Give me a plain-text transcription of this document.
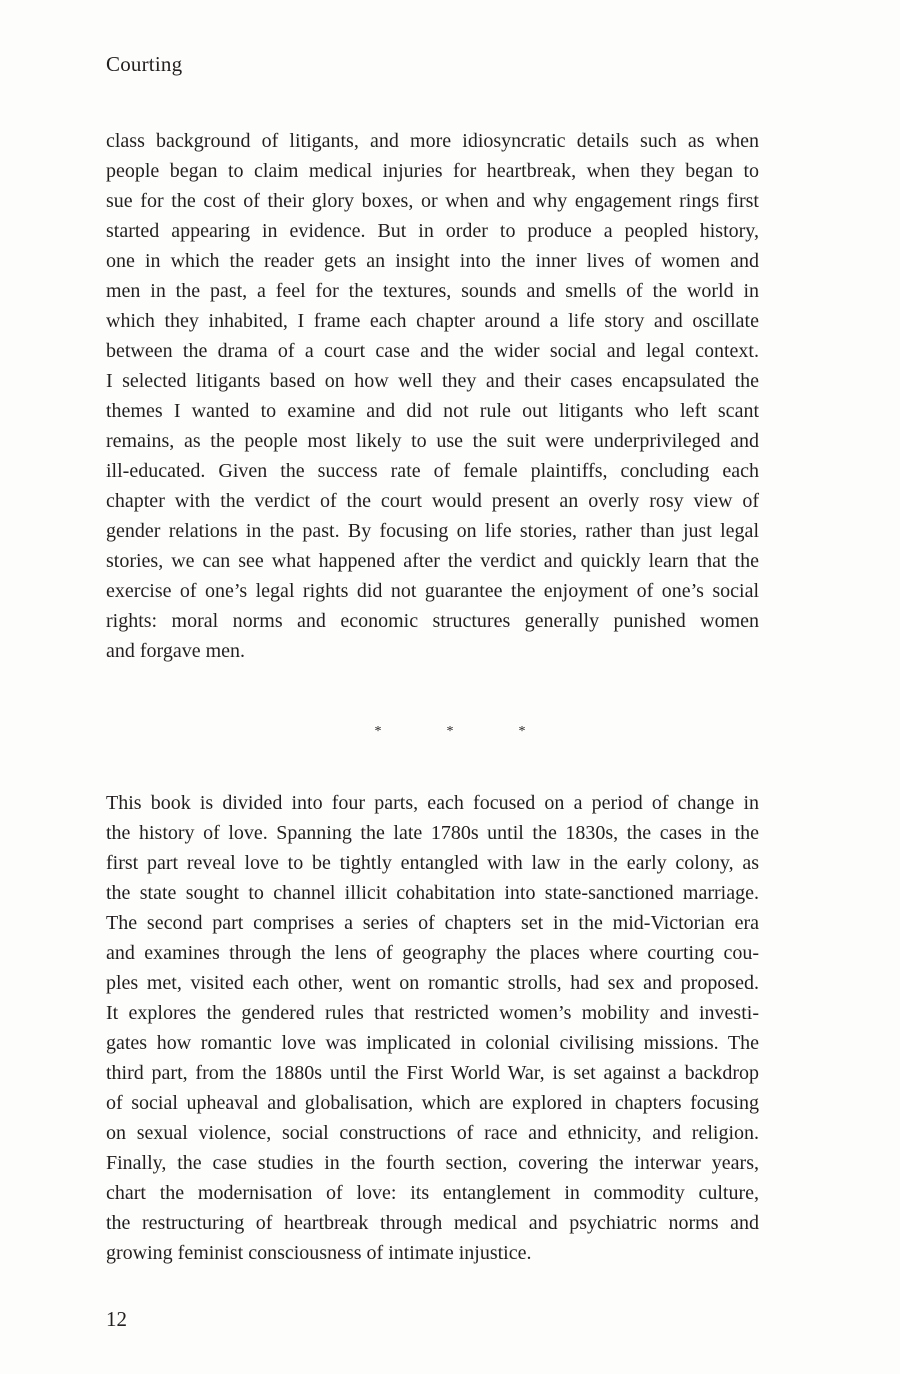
Courting
class background of litigants, and more idiosyncratic details such as when
people began to claim medical injuries for heartbreak, when they began to
sue for the cost of their glory boxes, or when and why engagement rings first
started appearing in evidence. But in order to produce a peopled history,
one in which the reader gets an insight into the inner lives of women and
men in the past, a feel for the textures, sounds and smells of the world in
which they inhabited, I frame each chapter around a life story and oscillate
between the drama of a court case and the wider social and legal context.
I selected litigants based on how well they and their cases encapsulated the
themes I wanted to examine and did not rule out litigants who left scant
remains, as the people most likely to use the suit were underprivileged and
ill-educated. Given the success rate of female plaintiffs, concluding each
chapter with the verdict of the court would present an overly rosy view of
gender relations in the past. By focusing on life stories, rather than just legal
stories, we can see what happened after the verdict and quickly learn that the
exercise of one’s legal rights did not guarantee the enjoyment of one’s social
rights: moral norms and economic structures generally punished women
and forgave men.
*	*	*
This book is divided into four parts, each focused on a period of change in
the history of love. Spanning the late 1780s until the 1830s, the cases in the
first part reveal love to be tightly entangled with law in the early colony, as
the state sought to channel illicit cohabitation into state-sanctioned marriage.
The second part comprises a series of chapters set in the mid-Victorian era
and examines through the lens of geography the places where courting cou-
ples met, visited each other, went on romantic strolls, had sex and proposed.
It explores the gendered rules that restricted women’s mobility and investi-
gates how romantic love was implicated in colonial civilising missions. The
third part, from the 1880s until the First World War, is set against a backdrop
of social upheaval and globalisation, which are explored in chapters focusing
on sexual violence, social constructions of race and ethnicity, and religion.
Finally, the case studies in the fourth section, covering the interwar years,
chart the modernisation of love: its entanglement in commodity culture,
the restructuring of heartbreak through medical and psychiatric norms and
growing feminist consciousness of intimate injustice.
12
